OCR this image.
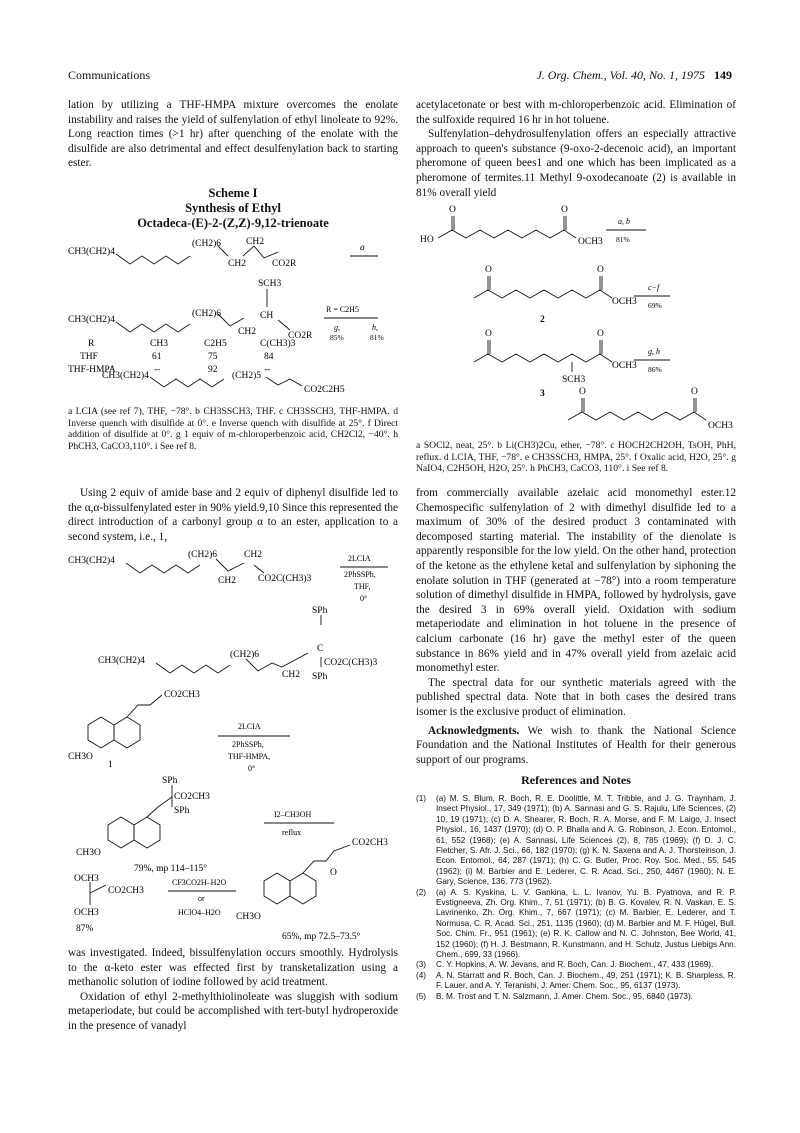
Communications	J. Org. Chem., Vol. 40, No. 1, 1975 149

lation by utilizing a THF-HMPA mixture overcomes the enolate instability and raises the yield of sulfenylation of ethyl linoleate to 92%. Long reaction times (>1 hr) after quenching of the enolate with the disulfide are also detrimental and effect desulfenylation back to starting ester.

Scheme I
Synthesis of Ethyl
Octadeca-(E)-2-(Z,Z)-9,12-trienoate
CH3(CH2)4
(CH2)6
CH2
CH2
CO2R
a
SCH3
CH3(CH2)4
(CH2)6	CH
CH2	CO2R
R = C2H5
g,
85%
h,
81%
R	CH3	C2H5	C(CH3)3
THF	61	75	84
THF-HMPA	--	92	--
CH3(CH2)4	(CH2)5
CO2C2H5
a LCIA (see ref 7), THF, −78°. b CH3SSCH3, THF. c CH3SSCH3, THF-HMPA. d Inverse quench with disulfide at 0°. e Inverse quench with disulfide at 25°. f Direct addition of disulfide at 0°. g 1 equiv of m-chloroperbenzoic acid, CH2Cl2, −40°. h PhCH3, CaCO3,110°. i See ref 8.

Using 2 equiv of amide base and 2 equiv of diphenyl disulfide led to the α,α-bissulfenylated ester in 90% yield.9,10 Since this represented the direct introduction of a carbonyl group α to an ester, application to a second system, i.e., 1,

CH3(CH2)4
(CH2)6
CH2
CH2
CO2C(CH3)3
2LCIA
2PhSSPh,
THF,
0°
SPh
CH3(CH2)4
(CH2)6
C
CH2
CO2C(CH3)3
SPh
CO2CH3
CH3O
1
2LCIA
2PhSSPh,
THF-HMPA,
0°
SPh
CO2CH3
SPh
CH3O
I2–CH3OH
reflux
79%, mp 114–115°
OCH3
CO2CH3
OCH3
87%
CF3CO2H–H2O
or
HClO4–H2O
CO2CH3
O
CH3O
65%, mp 72.5–73.5°

was investigated. Indeed, bissulfenylation occurs smoothly. Hydrolysis to the α-keto ester was effected first by transketalization using a methanolic solution of iodine followed by acid treatment.

Oxidation of ethyl 2-methylthiolinoleate was sluggish with sodium metaperiodate, but could be accomplished with tert-butyl hydroperoxide in the presence of vanadyl

acetylacetonate or best with m-chloroperbenzoic acid. Elimination of the sulfoxide required 16 hr in hot toluene.

Sulfenylation–dehydrosulfenylation offers an especially attractive approach to queen's substance (9-oxo-2-decenoic acid), an important pheromone of queen bees1 and one which has been implicated as a pheromone of termites.11 Methyl 9-oxodecanoate (2) is available in 81% overall yield

HO
O	O
OCH3
a, b
81%
O	O
OCH3
c−f
69%
2
O	O
OCH3
SCH3
g, h
86%
3	O	O
OCH3
a SOCl2, neat, 25°. b Li(CH3)2Cu, ether, −78°. c HOCH2CH2OH, TsOH, PhH, reflux. d LCIA, THF, −78°. e CH3SSCH3, HMPA, 25°. f Oxalic acid, H2O, 25°. g NaIO4, C2H5OH, H2O, 25°. h PhCH3, CaCO3, 110°. i See ref 8.

from commercially available azelaic acid monomethyl ester.12 Chemospecific sulfenylation of 2 with dimethyl disulfide led to a maximum of 30% of the desired product 3 contaminated with decomposed starting material. The instability of the dienolate is apparently responsible for the low yield. On the other hand, protection of the ketone as the ethylene ketal and sulfenylation by siphoning the enolate solution in THF (generated at −78°) into a room temperature solution of dimethyl disulfide in HMPA, followed by hydrolysis, gave the desired 3 in 69% overall yield. Oxidation with sodium metaperiodate and elimination in hot toluene in the presence of calcium carbonate (16 hr) gave the methyl ester of the queen substance in 86% yield and in 47% overall yield from azelaic acid monomethyl ester.

The spectral data for our synthetic materials agreed with the published spectral data. Note that in both cases the desired trans isomer is the exclusive product of elimination.

Acknowledgments. We wish to thank the National Science Foundation and the National Institutes of Health for their generous support of our programs.

References and Notes
(1) (a) M. S. Blum, R. Boch, R. E. Doolittle, M. T. Tribble, and J. G. Traynham, J. Insect Physiol., 17, 349 (1971); (b) A. Sannasi and G. S. Rajulu, Life Sciences, (2) 10, 19 (1971); (c) D. A. Shearer, R. Boch, R. A. Morse, and F. M. Laigo, J. Insect Physiol., 16, 1437 (1970); (d) O. P. Bhalla and A. G. Robinson, J. Econ. Entomol., 61, 552 (1968); (e) A. Sannasi, Life Sciences (2), 8, 785 (1969); (f) D. J. C. Fletcher, S. Afr. J. Sci., 66, 182 (1970); (g) K. N. Saxena and A. J. Thorsteinson, J. Econ. Entomol., 64, 287 (1971); (h) C. G. Butler, Proc. Roy. Soc. Med., 55, 545 (1962); (i) M. Barbier and E. Lederer, C. R. Acad. Sci., 250, 4467 (1960); N. E. Gary, Science, 136, 773 (1962).
(2) (a) A. S. Kyskina, L. V. Gankina, L. L. Ivanov, Yu. B. Pyatnova, and R. P. Evstigneeva, Zh. Org. Khim., 7, 51 (1971); (b) B. G. Kovalev, R. N. Vaskan, E. S. Lavrinenko, Zh. Org. Khim., 7, 667 (1971); (c) M. Barbier, E. Lederer, and T. Normusa, C. R. Acad. Sci., 251, 1135 (1960); (d) M. Barbier and M. F. Hügel, Bull. Soc. Chim. Fr., 951 (1961); (e) R. K. Callow and N. C. Johnston, Bee World, 41, 152 (1960); (f) H. J. Bestmann, R. Kunstmann, and H. Schulz, Justus Liebigs Ann. Chem., 699, 33 (1966).
(3) C. Y. Hopkins, A. W. Jevans, and R. Boch, Can. J. Biochem., 47, 433 (1969).
(4) A. N. Starratt and R. Boch, Can. J. Biochem., 49, 251 (1971); K. B. Sharpless, R. F. Lauer, and A. Y. Teranishi, J. Amer. Chem. Soc., 95, 6137 (1973).
(5) B. M. Trost and T. N. Salzmann, J. Amer. Chem. Soc., 95, 6840 (1973).
